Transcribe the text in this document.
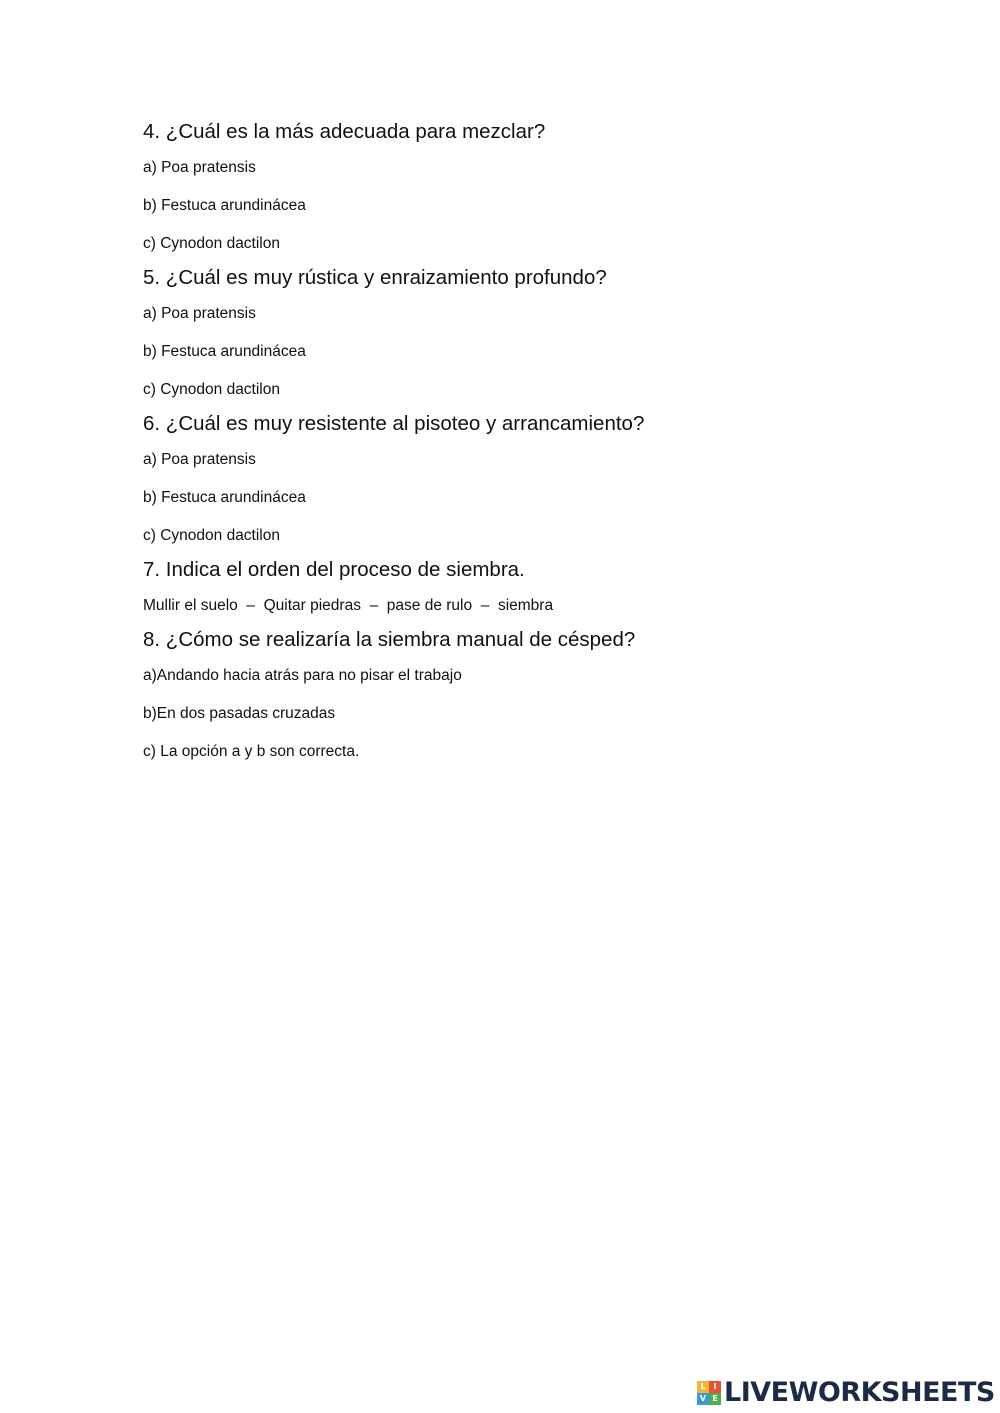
4. ¿Cuál es la más adecuada para mezclar?

a) Poa pratensis
b) Festuca arundinácea
c) Cynodon dactilon

5. ¿Cuál es muy rústica y enraizamiento profundo?

a) Poa pratensis
b) Festuca arundinácea
c) Cynodon dactilon

6. ¿Cuál es muy resistente al pisoteo y arrancamiento?

a) Poa pratensis
b) Festuca arundinácea
c) Cynodon dactilon

7. Indica el orden del proceso de siembra.

Mullir el suelo  –  Quitar piedras  –  pase de rulo  –  siembra

8. ¿Cómo se realizaría la siembra manual de césped?

a)Andando hacia atrás para no pisar el trabajo
b)En dos pasadas cruzadas
c) La opción a y b son correcta.
L I
V E LIVEWORKSHEETS
